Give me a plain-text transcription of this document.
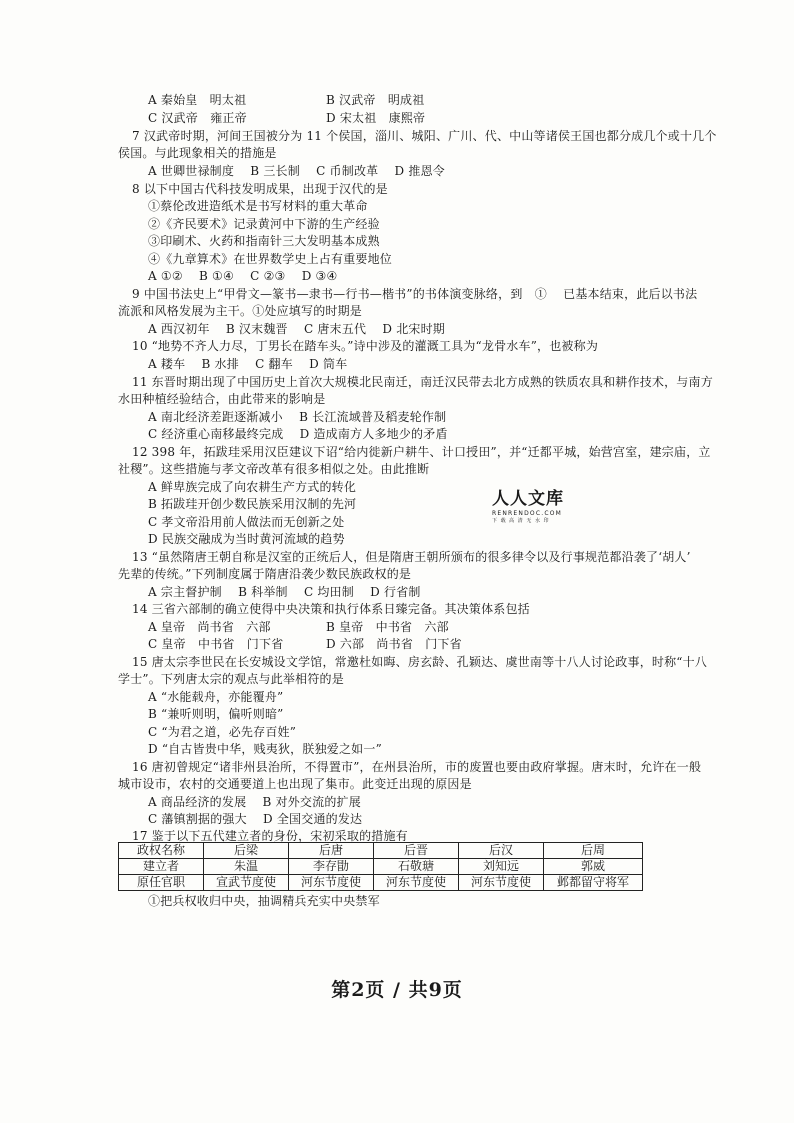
A 秦始皇　明太祖	B 汉武帝　明成祖
C 汉武帝　雍正帝	D 宋太祖　康熙帝
7 汉武帝时期，河间王国被分为 11 个侯国，淄川、城阳、广川、代、中山等诸侯王国也都分成几个或十几个
侯国。与此现象相关的措施是
A 世卿世禄制度　 B 三长制　 C 币制改革　 D 推恩令
8 以下中国古代科技发明成果，出现于汉代的是
①蔡伦改进造纸术是书写材料的重大革命
②《齐民要术》记录黄河中下游的生产经验
③印刷术、火药和指南针三大发明基本成熟
④《九章算术》在世界数学史上占有重要地位
A ①②　 B ①④　 C ②③　 D ③④
9 中国书法史上“甲骨文—篆书—隶书—行书—楷书”的书体演变脉络，到　①　 已基本结束，此后以书法
流派和风格发展为主干。①处应填写的时期是
A 西汉初年　 B 汉末魏晋　 C 唐末五代　 D 北宋时期
10 “地势不齐人力尽，丁男长在踏车头。”诗中涉及的灌溉工具为“龙骨水车”，也被称为
A 耧车　 B 水排　 C 翻车　 D 筒车
11 东晋时期出现了中国历史上首次大规模北民南迁，南迁汉民带去北方成熟的铁质农具和耕作技术，与南方
水田种植经验结合，由此带来的影响是
A 南北经济差距逐渐减小　 B 长江流域普及稻麦轮作制
C 经济重心南移最终完成　 D 造成南方人多地少的矛盾
12 398 年，拓跋珪采用汉臣建议下诏“给内徙新户耕牛、计口授田”，并“迁都平城，始营宫室，建宗庙，立
社稷”。这些措施与孝文帝改革有很多相似之处。由此推断
A 鲜卑族完成了向农耕生产方式的转化
B 拓跋珪开创少数民族采用汉制的先河
C 孝文帝沿用前人做法而无创新之处
D 民族交融成为当时黄河流域的趋势
13 “虽然隋唐王朝自称是汉室的正统后人，但是隋唐王朝所颁布的很多律令以及行事规范都沿袭了‘胡人’
先辈的传统。”下列制度属于隋唐沿袭少数民族政权的是
A 宗主督护制　 B 科举制　 C 均田制　 D 行省制
14 三省六部制的确立使得中央决策和执行体系日臻完备。其决策体系包括
A 皇帝　尚书省　六部	B 皇帝　中书省　六部
C 皇帝　中书省　门下省	D 六部　尚书省　门下省
15 唐太宗李世民在长安城设文学馆，常邀杜如晦、房玄龄、孔颖达、虞世南等十八人讨论政事，时称“十八
学士”。下列唐太宗的观点与此举相符的是
A “水能载舟，亦能覆舟”
B “兼听则明，偏听则暗”
C “为君之道，必先存百姓”
D “自古皆贵中华，贱夷狄，朕独爱之如一”
16 唐初曾规定“诸非州县治所，不得置市”，在州县治所，市的废置也要由政府掌握。唐末时，允许在一般
城市设市，农村的交通要道上也出现了集市。此变迁出现的原因是
A 商品经济的发展　 B 对外交流的扩展
C 藩镇割据的强大　 D 全国交通的发达
17 鉴于以下五代建立者的身份，宋初采取的措施有
政权名称	后梁	后唐	后晋	后汉	后周
建立者	朱温	李存勖	石敬瑭	刘知远	郭威
原任官职	宣武节度使	河东节度使	河东节度使	河东节度使	邺都留守将军
①把兵权收归中央，抽调精兵充实中央禁军
人人文库
RENRENDOC.COM
下 载 高 清 无 水 印
第2页 / 共9页
